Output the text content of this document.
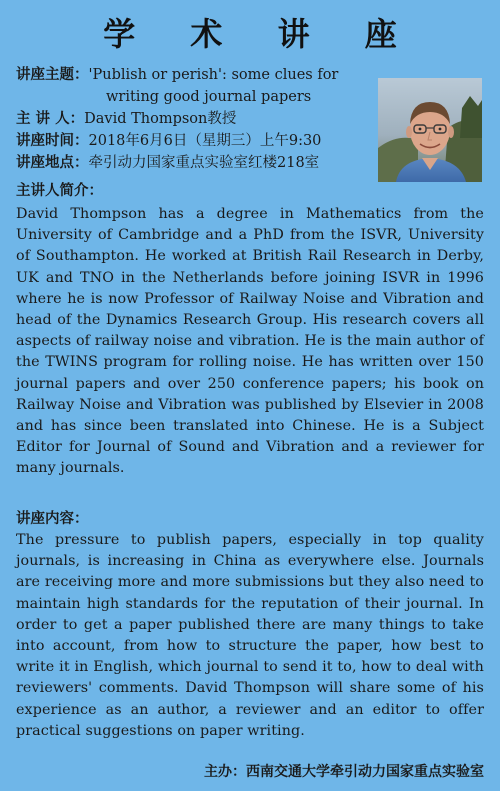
学 术 讲 座
讲座主题：'Publish or perish': some clues for
writing good journal papers
主 讲 人：David Thompson教授
讲座时间：2018年6月6日（星期三）上午9:30
讲座地点：牵引动力国家重点实验室红楼218室
主讲人简介：
David Thompson has a degree in Mathematics from the University of Cambridge and a PhD from the ISVR, University of Southampton. He worked at British Rail Research in Derby, UK and TNO in the Netherlands before joining ISVR in 1996 where he is now Professor of Railway Noise and Vibration and head of the Dynamics Research Group. His research covers all aspects of railway noise and vibration. He is the main author of the TWINS program for rolling noise. He has written over 150 journal papers and over 250 conference papers; his book on Railway Noise and Vibration was published by Elsevier in 2008 and has since been translated into Chinese. He is a Subject Editor for Journal of Sound and Vibration and a reviewer for many journals.
讲座内容：
The pressure to publish papers, especially in top quality journals, is increasing in China as everywhere else. Journals are receiving more and more submissions but they also need to maintain high standards for the reputation of their journal. In order to get a paper published there are many things to take into account, from how to structure the paper, how best to write it in English, which journal to send it to, how to deal with reviewers' comments. David Thompson will share some of his experience as an author, a reviewer and an editor to offer practical suggestions on paper writing.
主办：西南交通大学牵引动力国家重点实验室
